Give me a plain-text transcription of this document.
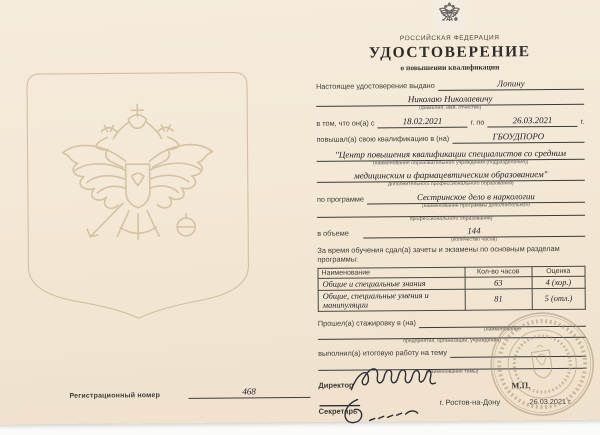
Регистрационный номер	468
РОССИЙСКАЯ ФЕДЕРАЦИЯ
УДОСТОВЕРЕНИЕ
о повышении квалификации
Настоящее удостоверение выдано	Лопину
Николаю Николаевичу
(фамилия, имя, отчество)
в том, что он(а) с	18.02.2021	г. по	26.03.2021	г.
повышал(а) свою квалификацию в (на)	ГБОУДПОРО
"Центр повышения квалификации специалистов со средним
(наименование образовательного учреждения (подразделения))
медицинским и фармацевтическим образованием"
дополнительного профессионального образования)
по программе	Сестринское дело в наркологии
(наименование программы дополнительного
профессионального образования)
в объеме	144
(количество часов)
За время обучения сдал(а) зачеты и экзамены по основным разделам программы:
Наименование	Кол-во часов	Оценка
Общие и специальные знания	63	4 (хор.)
Общие, специальные умения и манипуляции	81	5 (отл.)
Прошел(а) стажировку в (на)
(наименование
предприятия, организации, учреждения)
выполнил(а) итоговую работу на тему
(наименование темы)
Директор
Секретарь
г. Ростов-на-Дону
М.П.
26.03.2021 г.
